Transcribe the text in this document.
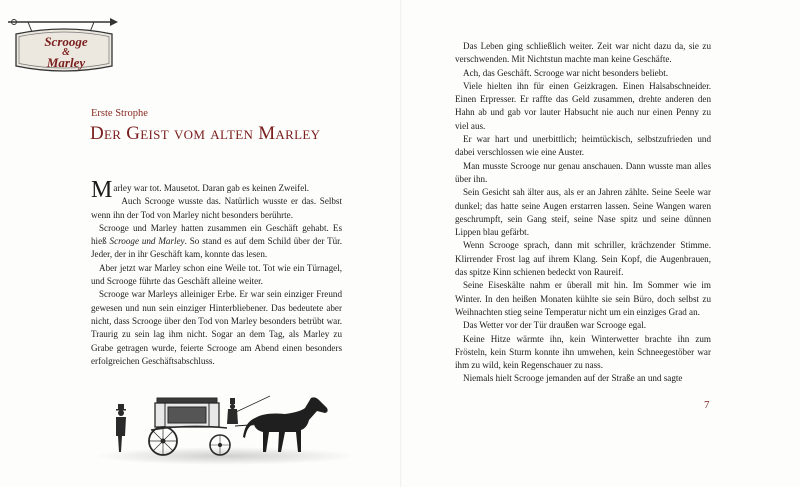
Scrooge
&
Marley
Erste Strophe
Der Geist vom alten Marley

Marley war tot. Mausetot. Daran gab es keinen Zweifel.

Auch Scrooge wusste das. Natürlich wusste er das. Selbst wenn ihn der Tod von Marley nicht besonders berührte.

Scrooge und Marley hatten zusammen ein Geschäft gehabt. Es hieß Scrooge und Marley. So stand es auf dem Schild über der Tür. Jeder, der in ihr Geschäft kam, konnte das lesen.

Aber jetzt war Marley schon eine Weile tot. Tot wie ein Türnagel, und Scrooge führte das Geschäft alleine weiter.

Scrooge war Marleys alleiniger Erbe. Er war sein einziger Freund gewesen und nun sein einziger Hinterbliebener. Das bedeutete aber nicht, dass Scrooge über den Tod von Marley besonders betrübt war. Traurig zu sein lag ihm nicht. Sogar an dem Tag, als Marley zu Grabe getragen wurde, feierte Scrooge am Abend einen besonders erfolgreichen Geschäftsabschluss.

Das Leben ging schließlich weiter. Zeit war nicht dazu da, sie zu verschwenden. Mit Nichtstun machte man keine Geschäfte.

Ach, das Geschäft. Scrooge war nicht besonders beliebt.

Viele hielten ihn für einen Geizkragen. Einen Halsabschneider. Einen Erpresser. Er raffte das Geld zusammen, drehte anderen den Hahn ab und gab vor lauter Habsucht nie auch nur einen Penny zu viel aus.

Er war hart und unerbittlich; heimtückisch, selbstzufrieden und dabei verschlossen wie eine Auster.

Man musste Scrooge nur genau anschauen. Dann wusste man alles über ihn.

Sein Gesicht sah älter aus, als er an Jahren zählte. Seine Seele war dunkel; das hatte seine Augen erstarren lassen. Seine Wangen waren geschrumpft, sein Gang steif, seine Nase spitz und seine dünnen Lippen blau gefärbt.

Wenn Scrooge sprach, dann mit schriller, krächzender Stimme. Klirrender Frost lag auf ihrem Klang. Sein Kopf, die Augenbrauen, das spitze Kinn schienen bedeckt von Raureif.

Seine Eiseskälte nahm er überall mit hin. Im Sommer wie im Winter. In den heißen Monaten kühlte sie sein Büro, doch selbst zu Weihnachten stieg seine Temperatur nicht um ein einziges Grad an.

Das Wetter vor der Tür draußen war Scrooge egal.

Keine Hitze wärmte ihn, kein Winterwetter brachte ihn zum Frösteln, kein Sturm konnte ihn umwehen, kein Schneegestöber war ihm zu wild, kein Regenschauer zu nass.

Niemals hielt Scrooge jemanden auf der Straße an und sagte

7
